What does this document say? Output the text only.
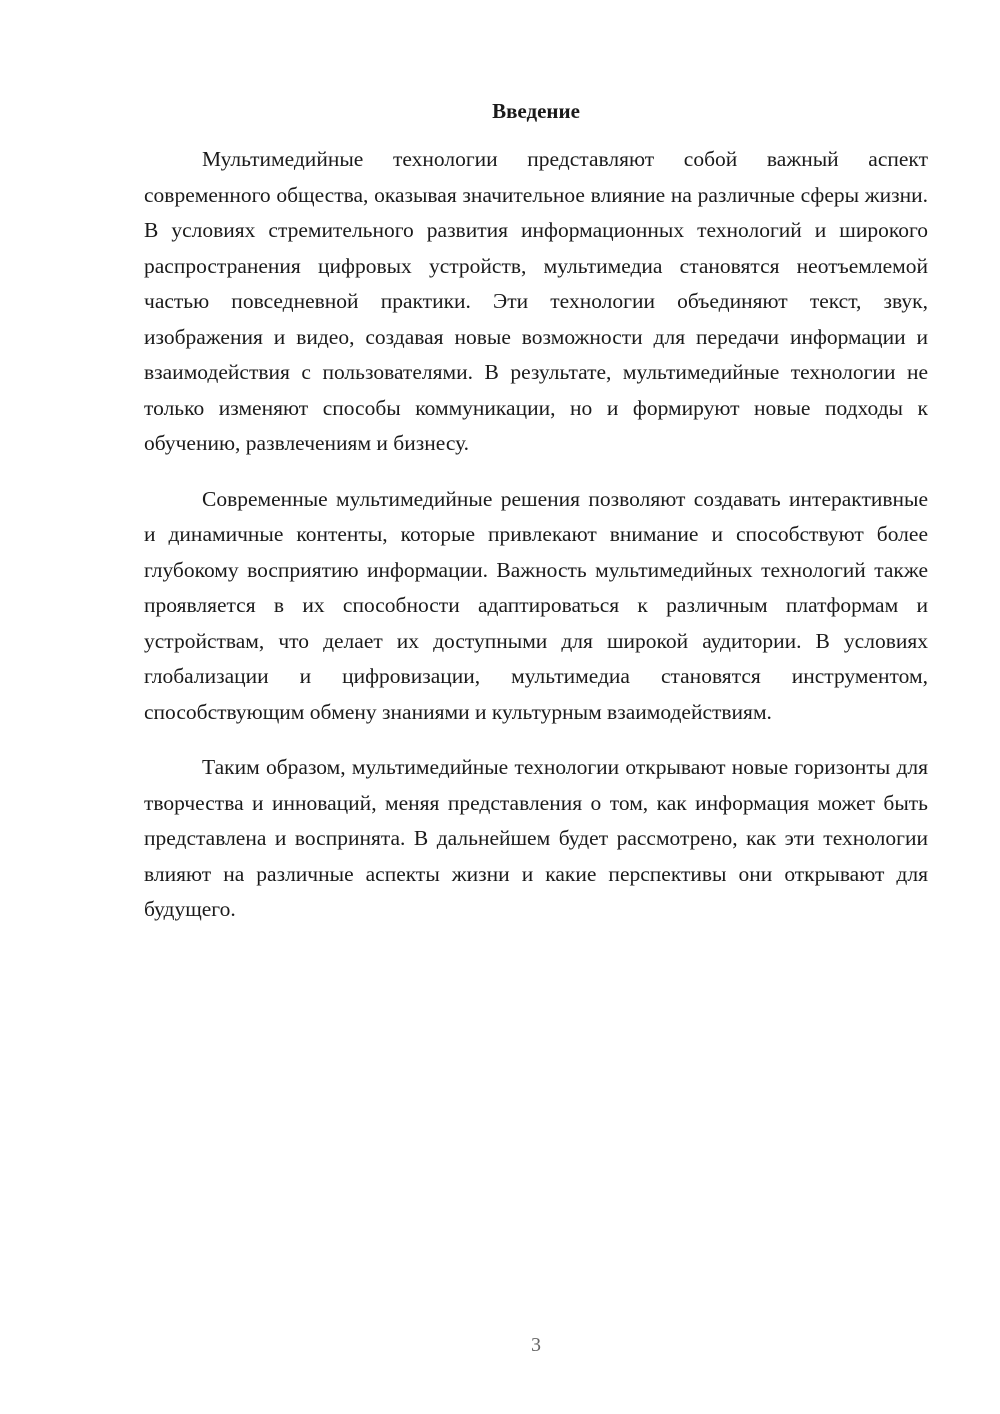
Введение

Мультимедийные технологии представляют собой важный аспект современного общества, оказывая значительное влияние на различные сферы жизни. В условиях стремительного развития информационных технологий и широкого распространения цифровых устройств, мультимедиа становятся неотъемлемой частью повседневной практики. Эти технологии объединяют текст, звук, изображения и видео, создавая новые возможности для передачи информации и взаимодействия с пользователями. В результате, мультимедийные технологии не только изменяют способы коммуникации, но и формируют новые подходы к обучению, развлечениям и бизнесу.

Современные мультимедийные решения позволяют создавать интерактивные и динамичные контенты, которые привлекают внимание и способствуют более глубокому восприятию информации. Важность мультимедийных технологий также проявляется в их способности адаптироваться к различным платформам и устройствам, что делает их доступными для широкой аудитории. В условиях глобализации и цифровизации, мультимедиа становятся инструментом, способствующим обмену знаниями и культурным взаимодействиям.

Таким образом, мультимедийные технологии открывают новые горизонты для творчества и инноваций, меняя представления о том, как информация может быть представлена и воспринята. В дальнейшем будет рассмотрено, как эти технологии влияют на различные аспекты жизни и какие перспективы они открывают для будущего.

3
